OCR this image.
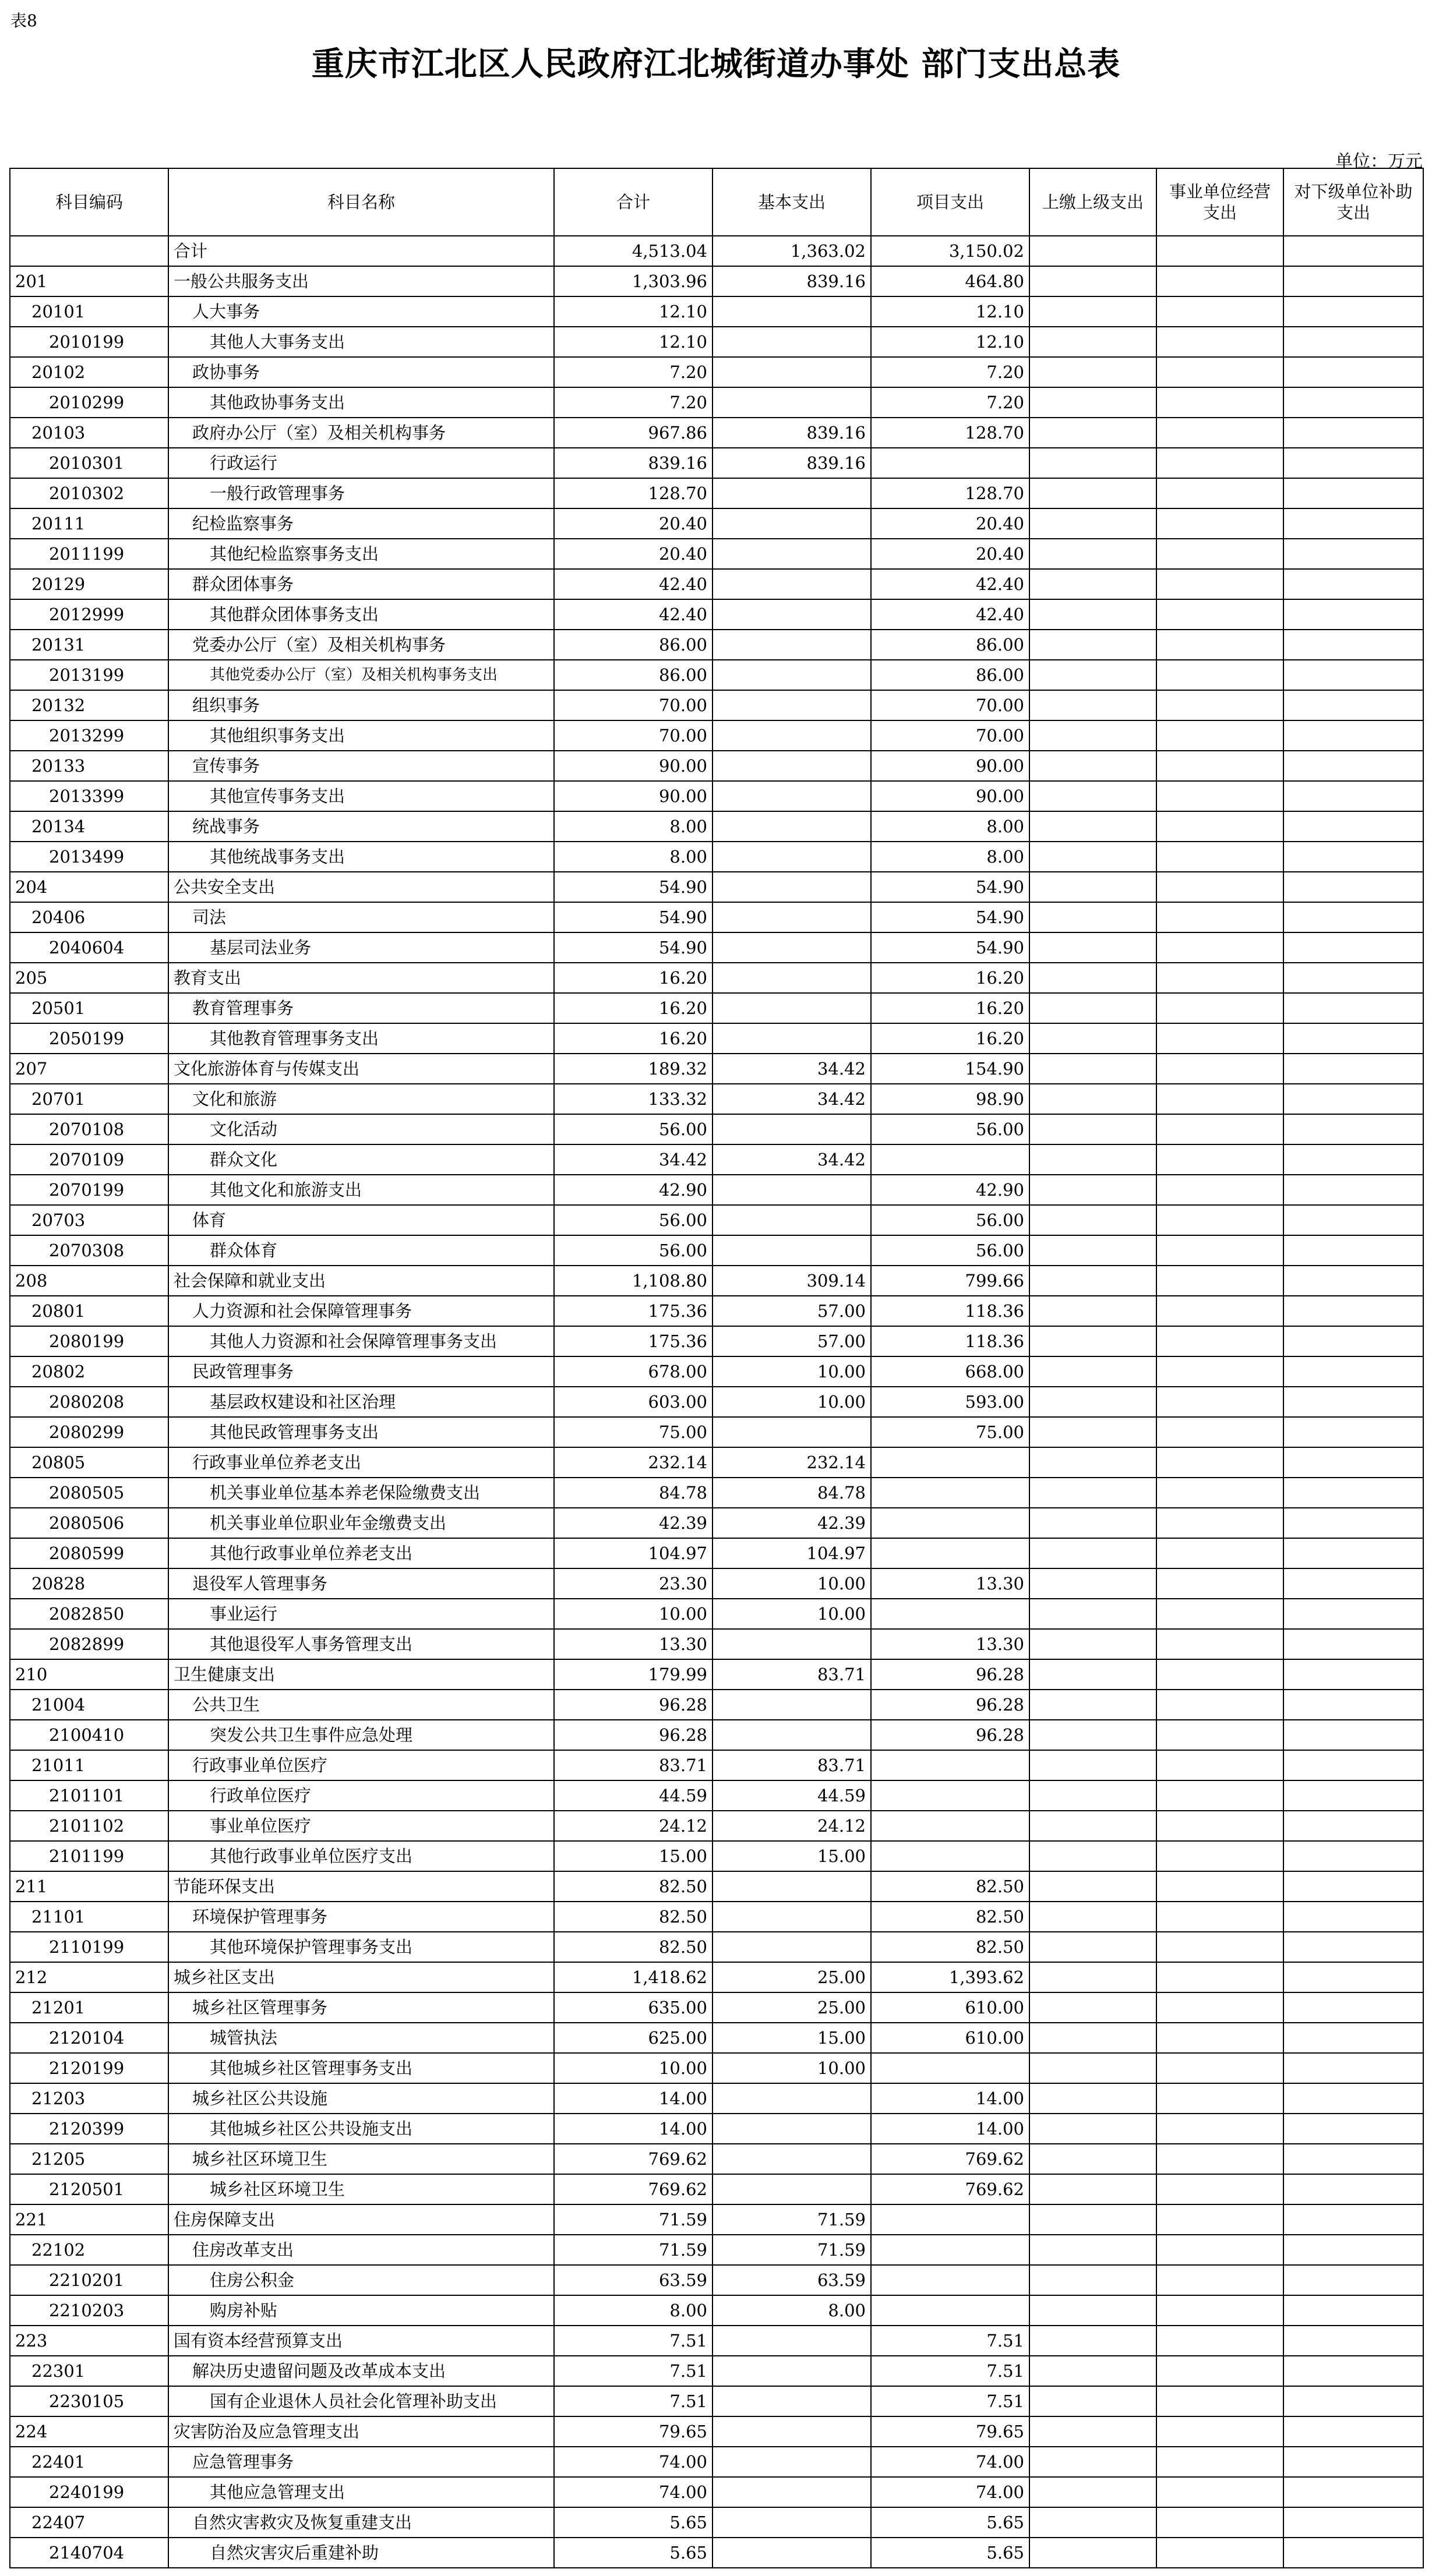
表8
重庆市江北区人民政府江北城街道办事处 部门支出总表
单位：万元
科目编码	科目名称	合计	基本支出	项目支出	上缴上级支出	事业单位经营支出	对下级单位补助支出
	合计	4,513.04	1,363.02	3,150.02			
201	一般公共服务支出	1,303.96	839.16	464.80			
20101	人大事务	12.10		12.10			
2010199	其他人大事务支出	12.10		12.10			
20102	政协事务	7.20		7.20			
2010299	其他政协事务支出	7.20		7.20			
20103	政府办公厅（室）及相关机构事务	967.86	839.16	128.70			
2010301	行政运行	839.16	839.16				
2010302	一般行政管理事务	128.70		128.70			
20111	纪检监察事务	20.40		20.40			
2011199	其他纪检监察事务支出	20.40		20.40			
20129	群众团体事务	42.40		42.40			
2012999	其他群众团体事务支出	42.40		42.40			
20131	党委办公厅（室）及相关机构事务	86.00		86.00			
2013199	其他党委办公厅（室）及相关机构事务支出	86.00		86.00			
20132	组织事务	70.00		70.00			
2013299	其他组织事务支出	70.00		70.00			
20133	宣传事务	90.00		90.00			
2013399	其他宣传事务支出	90.00		90.00			
20134	统战事务	8.00		8.00			
2013499	其他统战事务支出	8.00		8.00			
204	公共安全支出	54.90		54.90			
20406	司法	54.90		54.90			
2040604	基层司法业务	54.90		54.90			
205	教育支出	16.20		16.20			
20501	教育管理事务	16.20		16.20			
2050199	其他教育管理事务支出	16.20		16.20			
207	文化旅游体育与传媒支出	189.32	34.42	154.90			
20701	文化和旅游	133.32	34.42	98.90			
2070108	文化活动	56.00		56.00			
2070109	群众文化	34.42	34.42				
2070199	其他文化和旅游支出	42.90		42.90			
20703	体育	56.00		56.00			
2070308	群众体育	56.00		56.00			
208	社会保障和就业支出	1,108.80	309.14	799.66			
20801	人力资源和社会保障管理事务	175.36	57.00	118.36			
2080199	其他人力资源和社会保障管理事务支出	175.36	57.00	118.36			
20802	民政管理事务	678.00	10.00	668.00			
2080208	基层政权建设和社区治理	603.00	10.00	593.00			
2080299	其他民政管理事务支出	75.00		75.00			
20805	行政事业单位养老支出	232.14	232.14				
2080505	机关事业单位基本养老保险缴费支出	84.78	84.78				
2080506	机关事业单位职业年金缴费支出	42.39	42.39				
2080599	其他行政事业单位养老支出	104.97	104.97				
20828	退役军人管理事务	23.30	10.00	13.30			
2082850	事业运行	10.00	10.00				
2082899	其他退役军人事务管理支出	13.30		13.30			
210	卫生健康支出	179.99	83.71	96.28			
21004	公共卫生	96.28		96.28			
2100410	突发公共卫生事件应急处理	96.28		96.28			
21011	行政事业单位医疗	83.71	83.71				
2101101	行政单位医疗	44.59	44.59				
2101102	事业单位医疗	24.12	24.12				
2101199	其他行政事业单位医疗支出	15.00	15.00				
211	节能环保支出	82.50		82.50			
21101	环境保护管理事务	82.50		82.50			
2110199	其他环境保护管理事务支出	82.50		82.50			
212	城乡社区支出	1,418.62	25.00	1,393.62			
21201	城乡社区管理事务	635.00	25.00	610.00			
2120104	城管执法	625.00	15.00	610.00			
2120199	其他城乡社区管理事务支出	10.00	10.00				
21203	城乡社区公共设施	14.00		14.00			
2120399	其他城乡社区公共设施支出	14.00		14.00			
21205	城乡社区环境卫生	769.62		769.62			
2120501	城乡社区环境卫生	769.62		769.62			
221	住房保障支出	71.59	71.59				
22102	住房改革支出	71.59	71.59				
2210201	住房公积金	63.59	63.59				
2210203	购房补贴	8.00	8.00				
223	国有资本经营预算支出	7.51		7.51			
22301	解决历史遗留问题及改革成本支出	7.51		7.51			
2230105	国有企业退休人员社会化管理补助支出	7.51		7.51			
224	灾害防治及应急管理支出	79.65		79.65			
22401	应急管理事务	74.00		74.00			
2240199	其他应急管理支出	74.00		74.00			
22407	自然灾害救灾及恢复重建支出	5.65		5.65			
2140704	自然灾害灾后重建补助	5.65		5.65			
